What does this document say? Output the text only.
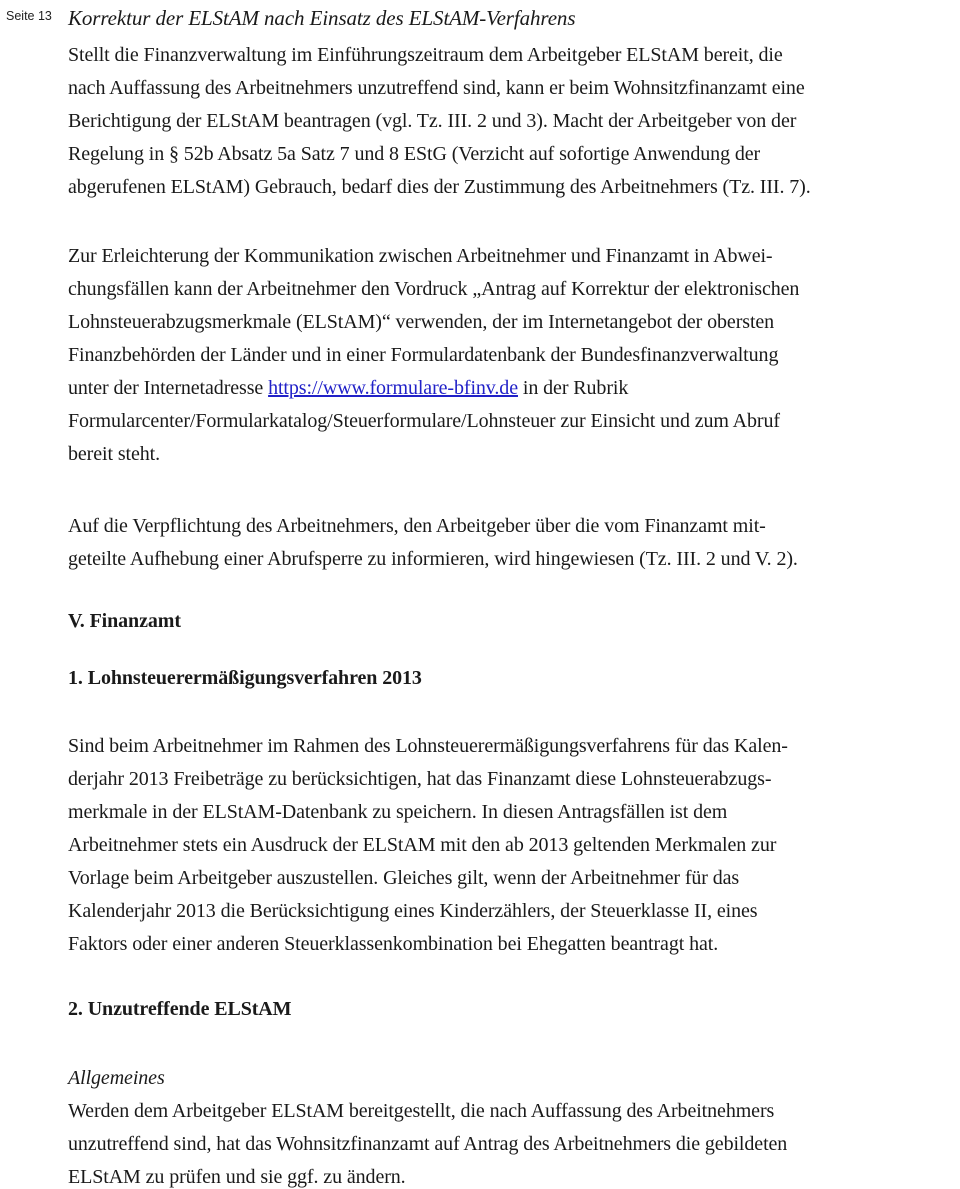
Seite 13 Korrektur der ELStAM nach Einsatz des ELStAM-Verfahrens
Stellt die Finanzverwaltung im Einführungszeitraum dem Arbeitgeber ELStAM bereit, die
nach Auffassung des Arbeitnehmers unzutreffend sind, kann er beim Wohnsitzfinanzamt eine
Berichtigung der ELStAM beantragen (vgl. Tz. III. 2 und 3). Macht der Arbeitgeber von der
Regelung in § 52b Absatz 5a Satz 7 und 8 EStG (Verzicht auf sofortige Anwendung der
abgerufenen ELStAM) Gebrauch, bedarf dies der Zustimmung des Arbeitnehmers (Tz. III. 7).
Zur Erleichterung der Kommunikation zwischen Arbeitnehmer und Finanzamt in Abwei-
chungsfällen kann der Arbeitnehmer den Vordruck „Antrag auf Korrektur der elektronischen
Lohnsteuerabzugsmerkmale (ELStAM)“ verwenden, der im Internetangebot der obersten
Finanzbehörden der Länder und in einer Formulardatenbank der Bundesfinanzverwaltung
unter der Internetadresse https://www.formulare-bfinv.de in der Rubrik
Formularcenter/Formularkatalog/Steuerformulare/Lohnsteuer zur Einsicht und zum Abruf
bereit steht.
Auf die Verpflichtung des Arbeitnehmers, den Arbeitgeber über die vom Finanzamt mit-
geteilte Aufhebung einer Abrufsperre zu informieren, wird hingewiesen (Tz. III. 2 und V. 2).
V. Finanzamt
1. Lohnsteuerermäßigungsverfahren 2013
Sind beim Arbeitnehmer im Rahmen des Lohnsteuerermäßigungsverfahrens für das Kalen-
derjahr 2013 Freibeträge zu berücksichtigen, hat das Finanzamt diese Lohnsteuerabzugs-
merkmale in der ELStAM-Datenbank zu speichern. In diesen Antragsfällen ist dem
Arbeitnehmer stets ein Ausdruck der ELStAM mit den ab 2013 geltenden Merkmalen zur
Vorlage beim Arbeitgeber auszustellen. Gleiches gilt, wenn der Arbeitnehmer für das
Kalenderjahr 2013 die Berücksichtigung eines Kinderzählers, der Steuerklasse II, eines
Faktors oder einer anderen Steuerklassenkombination bei Ehegatten beantragt hat.
2. Unzutreffende ELStAM
Allgemeines
Werden dem Arbeitgeber ELStAM bereitgestellt, die nach Auffassung des Arbeitnehmers
unzutreffend sind, hat das Wohnsitzfinanzamt auf Antrag des Arbeitnehmers die gebildeten
ELStAM zu prüfen und sie ggf. zu ändern.
